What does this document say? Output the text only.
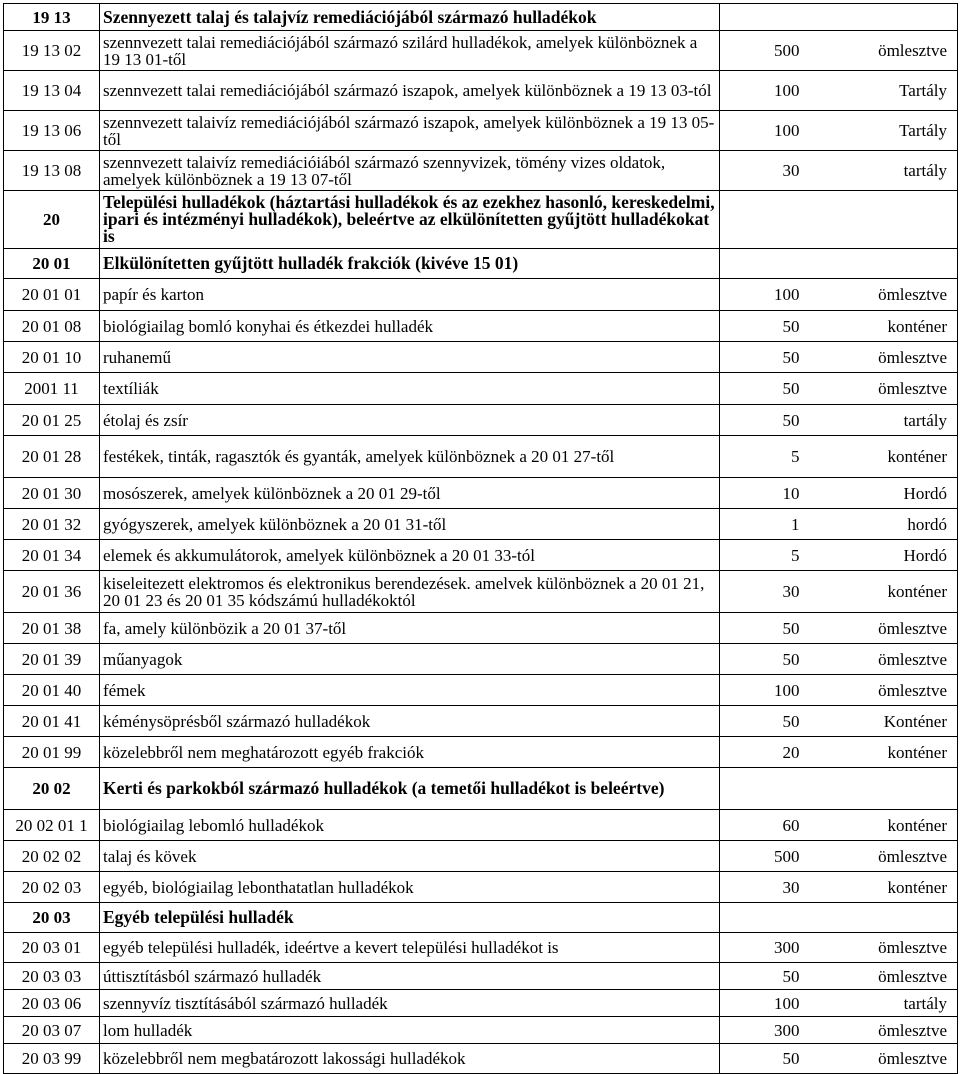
19 13	Szennyezett talaj és talajvíz remediációjából származó hulladékok		
19 13 02	szennvezett talai remediációjából származó szilárd hulladékok, amelyek különböznek a 19 13 01-től	500	ömlesztve
19 13 04	szennvezett talai remediációjából származó iszapok, amelyek különböznek a 19 13 03-tól	100	Tartály
19 13 06	szennvezett talaivíz remediációjából származó iszapok, amelyek különböznek a 19 13 05-től	100	Tartály
19 13 08	szennvezett talaivíz remediációiából származó szennyvizek, tömény vizes oldatok, amelyek különböznek a 19 13 07-től	30	tartály
20	Települési hulladékok (háztartási hulladékok és az ezekhez hasonló, kereskedelmi, ipari és intézményi hulladékok), beleértve az elkülönítetten gyűjtött hulladékokat is		
20 01	Elkülönítetten gyűjtött hulladék frakciók (kivéve 15 01)		
20 01 01	papír és karton	100	ömlesztve
20 01 08	biológiailag bomló konyhai és étkezdei hulladék	50	konténer
20 01 10	ruhanemű	50	ömlesztve
2001 11	textíliák	50	ömlesztve
20 01 25	étolaj és zsír	50	tartály
20 01 28	festékek, tinták, ragasztók és gyanták, amelyek különböznek a 20 01 27-től	5	konténer
20 01 30	mosószerek, amelyek különböznek a 20 01 29-től	10	Hordó
20 01 32	gyógyszerek, amelyek különböznek a 20 01 31-től	1	hordó
20 01 34	elemek és akkumulátorok, amelyek különböznek a 20 01 33-tól	5	Hordó
20 01 36	kiseleitezett elektromos és elektronikus berendezések. amelvek különböznek a 20 01 21, 20 01 23 és 20 01 35 kódszámú hulladékoktól	30	konténer
20 01 38	fa, amely különbözik a 20 01 37-től	50	ömlesztve
20 01 39	műanyagok	50	ömlesztve
20 01 40	fémek	100	ömlesztve
20 01 41	kéménysöprésből származó hulladékok	50	Konténer
20 01 99	közelebbről nem meghatározott egyéb frakciók	20	konténer
20 02	Kerti és parkokból származó hulladékok (a temetői hulladékot is beleértve)		
20 02 01 1	biológiailag lebomló hulladékok	60	konténer
20 02 02	talaj és kövek	500	ömlesztve
20 02 03	egyéb, biológiailag lebonthatatlan hulladékok	30	konténer
20 03	Egyéb települési hulladék		
20 03 01	egyéb települési hulladék, ideértve a kevert települési hulladékot is	300	ömlesztve
20 03 03	úttisztításból származó hulladék	50	ömlesztve
20 03 06	szennyvíz tisztításából származó hulladék	100	tartály
20 03 07	lom hulladék	300	ömlesztve
20 03 99	közelebbről nem megbatározott lakossági hulladékok	50	ömlesztve
